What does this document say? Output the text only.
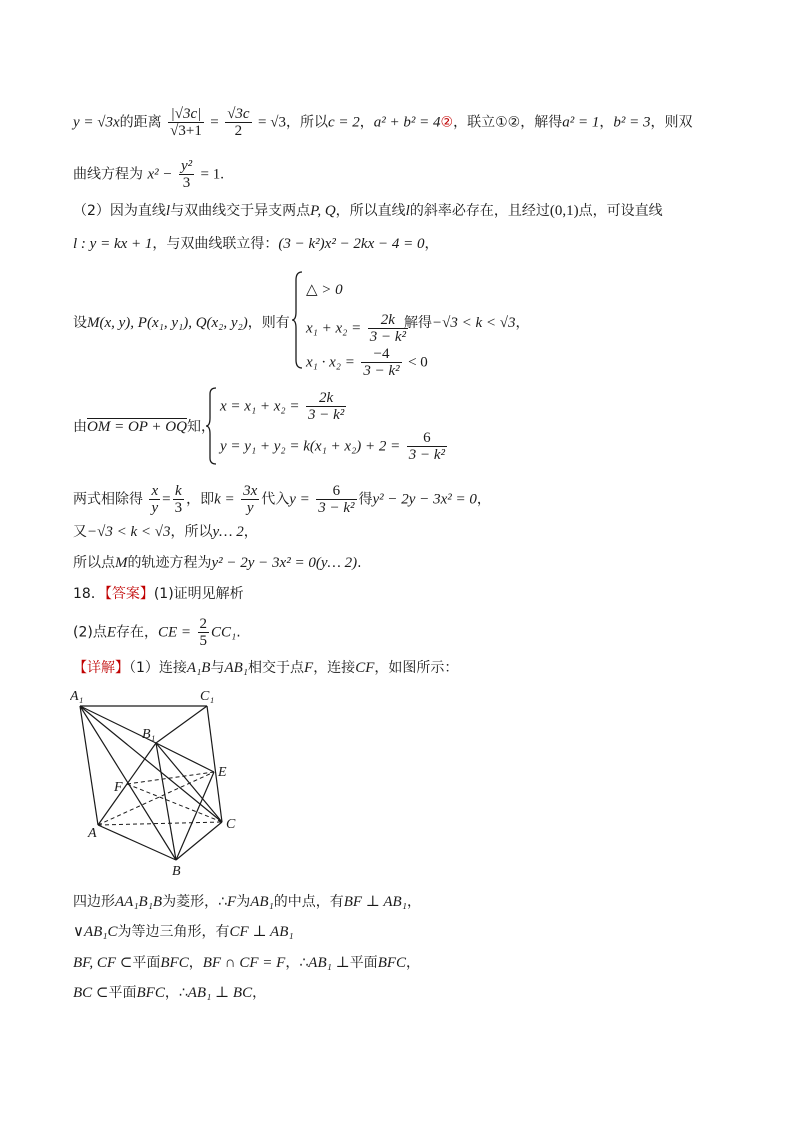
y = √3x的距离 $\frac{|√3c|}{√3+1} = \frac{√3c}{2} = √3$，所以c = 2，a² + b² = 4②，联立①②，解得a² = 1，b² = 3，则双
曲线方程为 $x^2 - \frac{\text{y²}}{3} = 1$.
（2）因为直线l与双曲线交于异支两点P, Q，所以直线l的斜率必存在，且经过(0,1)点，可设直线
l : y = kx + 1，与双曲线联立得：(3 − k²)x² − 2kx − 4 = 0，
设M(x, y), P(x₁, y₁), Q(x₂, y₂)，则有
△ > 0
$x_1 + x_2 = \frac{2k}{\text{3 − k²}}$
$x_1 \cdot x_2 = \frac{-4}{\text{3 − k²}} < 0$
解得−√3 < k < √3，
由OM = OP + OQ知，
$x = x_1 + x_2 = \frac{2k}{\text{3 − k²}}$
$y = y_1 + y_2 = k(x_1 + x_2) + 2 = \frac{6}{\text{3 − k²}}$
两式相除得 $\frac{x}{y} = \frac{k}{3}$ ，即$k = \frac{3x}{y}$ 代入$y = \frac{6}{\text{3 − k²}}$ 得y² − 2y − 3x² = 0，
又−√3 < k < √3，所以y… 2，
所以点M的轨迹方程为y² − 2y − 3x² = 0(y… 2).
18．【答案】(1)证明见解析
(2)点E存在，CE = $\frac{2}{5} CC_1$.
【详解】（1）连接A₁B与AB₁相交于点F，连接CF，如图所示：
A₁	C₁
B₁
E
F
A
C
B
四边形AA₁B₁B为菱形，∴F为AB₁的中点，有BF ⊥ AB₁，
∨AB₁C为等边三角形，有CF ⊥ AB₁
BF, CF ⊂平面BFC，BF ∩ CF = F，∴AB₁ ⊥平面BFC，
BC ⊂平面BFC，∴AB₁ ⊥ BC，
